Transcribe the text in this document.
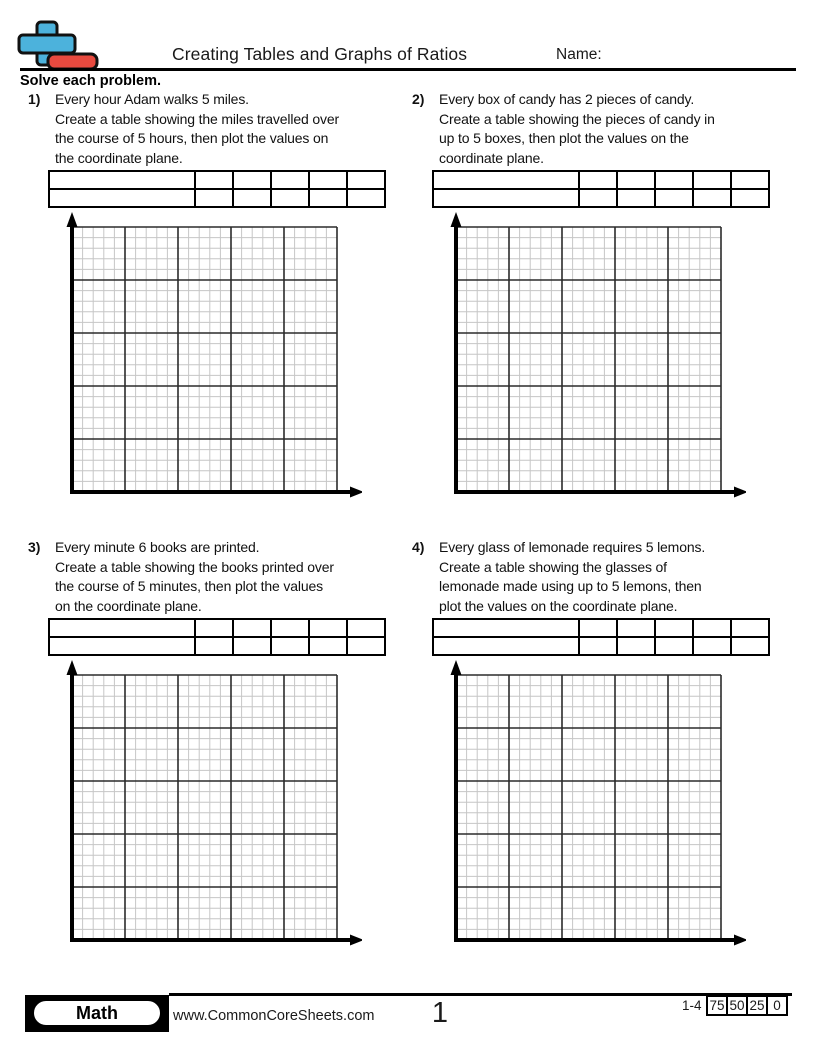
Creating Tables and Graphs of Ratios	Name:
Solve each problem.
1)	Every hour Adam walks 5 miles.
Create a table showing the miles travelled over
the course of 5 hours, then plot the values on
the coordinate plane.

2)	Every box of candy has 2 pieces of candy.
Create a table showing the pieces of candy in
up to 5 boxes, then plot the values on the
coordinate plane.

3)	Every minute 6 books are printed.
Create a table showing the books printed over
the course of 5 minutes, then plot the values
on the coordinate plane.

4)	Every glass of lemonade requires 5 lemons.
Create a table showing the glasses of
lemonade made using up to 5 lemons, then
plot the values on the coordinate plane.

Math	www.CommonCoreSheets.com	1	1-4 75	50	25	0
